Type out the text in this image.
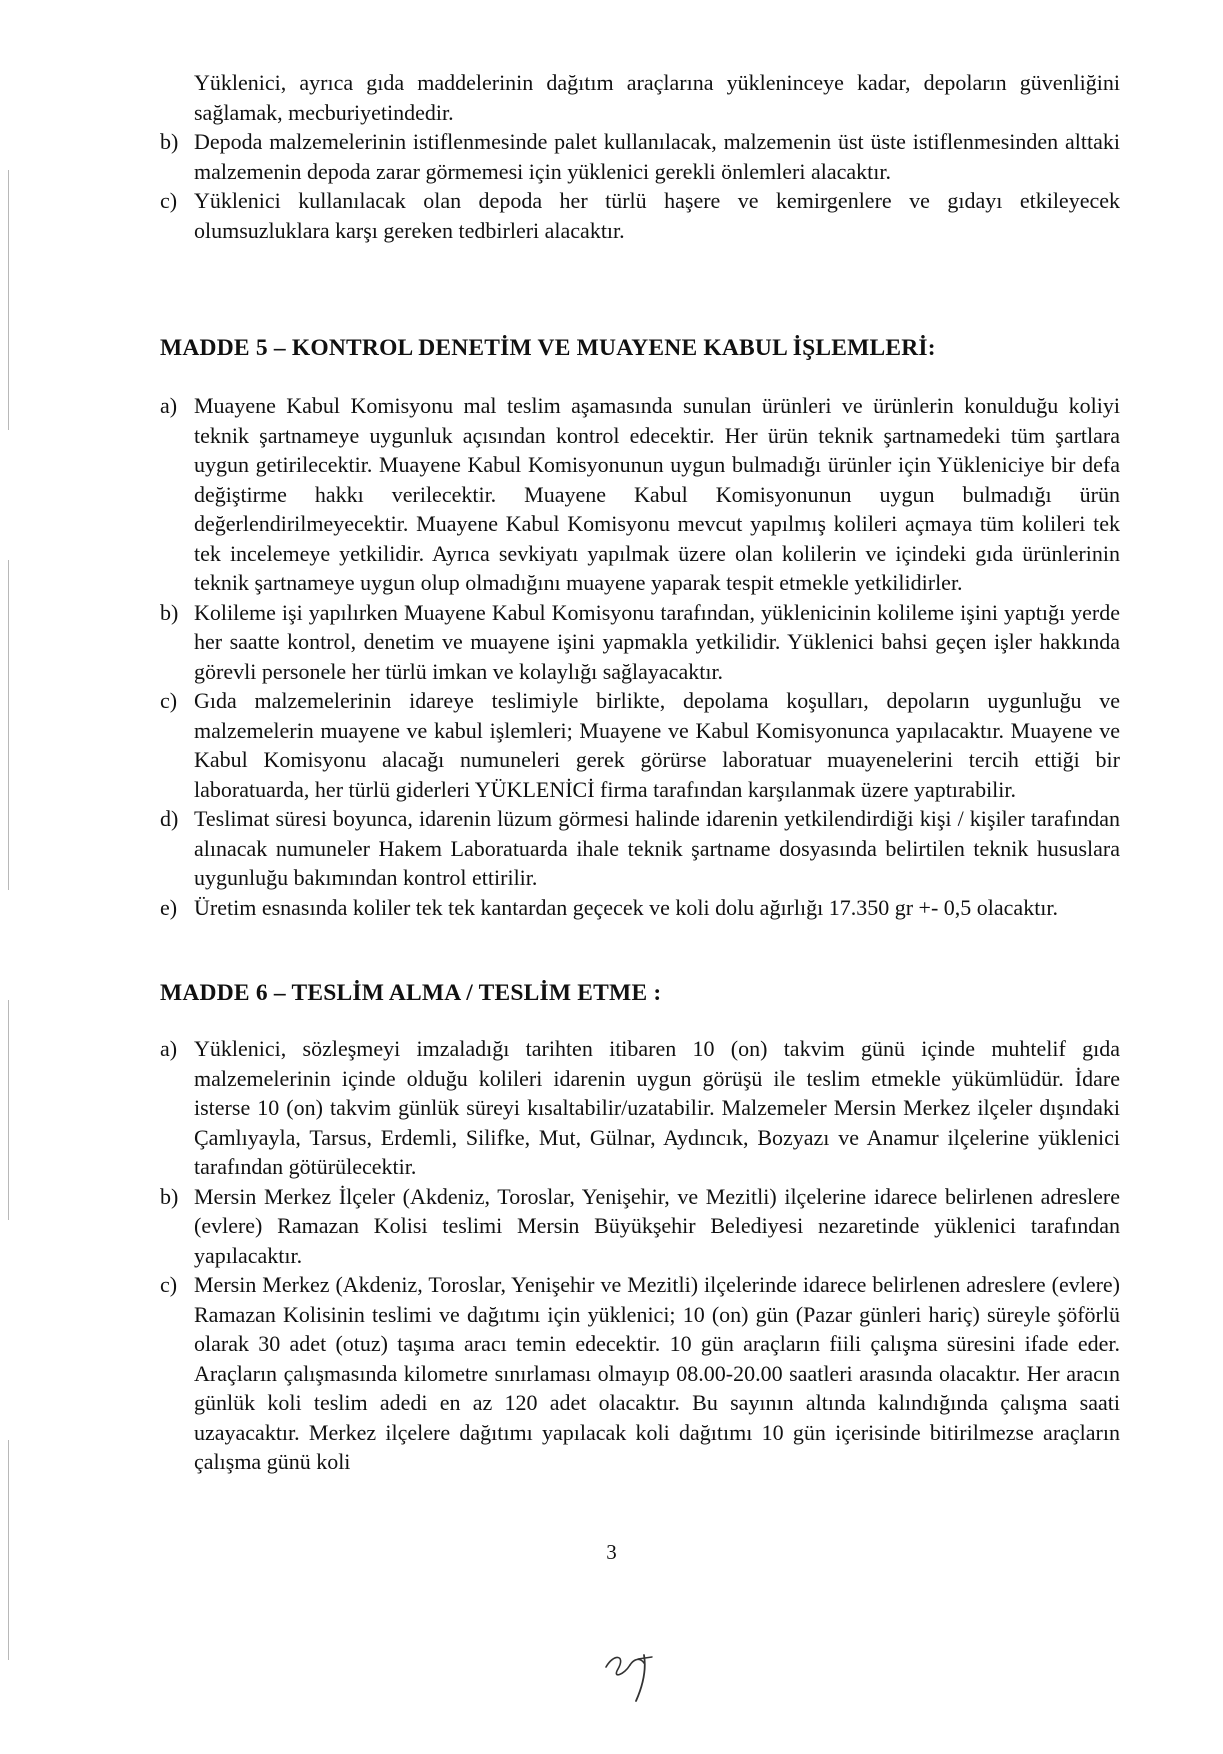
Yüklenici, ayrıca gıda maddelerinin dağıtım araçlarına yükleninceye kadar, depoların güvenliğini sağlamak, mecburiyetindedir.

b) Depoda malzemelerinin istiflenmesinde palet kullanılacak, malzemenin üst üste istiflenmesinden alttaki malzemenin depoda zarar görmemesi için yüklenici gerekli önlemleri alacaktır.
c) Yüklenici kullanılacak olan depoda her türlü haşere ve kemirgenlere ve gıdayı etkileyecek olumsuzluklara karşı gereken tedbirleri alacaktır.
MADDE 5 – KONTROL DENETİM VE MUAYENE KABUL İŞLEMLERİ:
a) Muayene Kabul Komisyonu mal teslim aşamasında sunulan ürünleri ve ürünlerin konulduğu koliyi teknik şartnameye uygunluk açısından kontrol edecektir. Her ürün teknik şartnamedeki tüm şartlara uygun getirilecektir. Muayene Kabul Komisyonunun uygun bulmadığı ürünler için Yükleniciye bir defa değiştirme hakkı verilecektir. Muayene Kabul Komisyonunun uygun bulmadığı ürün değerlendirilmeyecektir. Muayene Kabul Komisyonu mevcut yapılmış kolileri açmaya tüm kolileri tek tek incelemeye yetkilidir. Ayrıca sevkiyatı yapılmak üzere olan kolilerin ve içindeki gıda ürünlerinin teknik şartnameye uygun olup olmadığını muayene yaparak tespit etmekle yetkilidirler.
b) Kolileme işi yapılırken Muayene Kabul Komisyonu tarafından, yüklenicinin kolileme işini yaptığı yerde her saatte kontrol, denetim ve muayene işini yapmakla yetkilidir. Yüklenici bahsi geçen işler hakkında görevli personele her türlü imkan ve kolaylığı sağlayacaktır.
c) Gıda malzemelerinin idareye teslimiyle birlikte, depolama koşulları, depoların uygunluğu ve malzemelerin muayene ve kabul işlemleri; Muayene ve Kabul Komisyonunca yapılacaktır. Muayene ve Kabul Komisyonu alacağı numuneleri gerek görürse laboratuar muayenelerini tercih ettiği bir laboratuarda, her türlü giderleri YÜKLENİCİ firma tarafından karşılanmak üzere yaptırabilir.
d) Teslimat süresi boyunca, idarenin lüzum görmesi halinde idarenin yetkilendirdiği kişi / kişiler tarafından alınacak numuneler Hakem Laboratuarda ihale teknik şartname dosyasında belirtilen teknik hususlara uygunluğu bakımından kontrol ettirilir.
e) Üretim esnasında koliler tek tek kantardan geçecek ve koli dolu ağırlığı 17.350 gr +- 0,5 olacaktır.
MADDE 6 – TESLİM ALMA / TESLİM ETME :
a) Yüklenici, sözleşmeyi imzaladığı tarihten itibaren 10 (on) takvim günü içinde muhtelif gıda malzemelerinin içinde olduğu kolileri idarenin uygun görüşü ile teslim etmekle yükümlüdür. İdare isterse 10 (on) takvim günlük süreyi kısaltabilir/uzatabilir. Malzemeler Mersin Merkez ilçeler dışındaki Çamlıyayla, Tarsus, Erdemli, Silifke, Mut, Gülnar, Aydıncık, Bozyazı ve Anamur ilçelerine yüklenici tarafından götürülecektir.
b) Mersin Merkez İlçeler (Akdeniz, Toroslar, Yenişehir, ve Mezitli) ilçelerine idarece belirlenen adreslere (evlere) Ramazan Kolisi teslimi Mersin Büyükşehir Belediyesi nezaretinde yüklenici tarafından yapılacaktır.
c) Mersin Merkez (Akdeniz, Toroslar, Yenişehir ve Mezitli) ilçelerinde idarece belirlenen adreslere (evlere) Ramazan Kolisinin teslimi ve dağıtımı için yüklenici; 10 (on) gün (Pazar günleri hariç) süreyle şöförlü olarak 30 adet (otuz) taşıma aracı temin edecektir. 10 gün araçların fiili çalışma süresini ifade eder. Araçların çalışmasında kilometre sınırlaması olmayıp 08.00-20.00 saatleri arasında olacaktır. Her aracın günlük koli teslim adedi en az 120 adet olacaktır. Bu sayının altında kalındığında çalışma saati uzayacaktır. Merkez ilçelere dağıtımı yapılacak koli dağıtımı 10 gün içerisinde bitirilmezse araçların çalışma günü koli
3
